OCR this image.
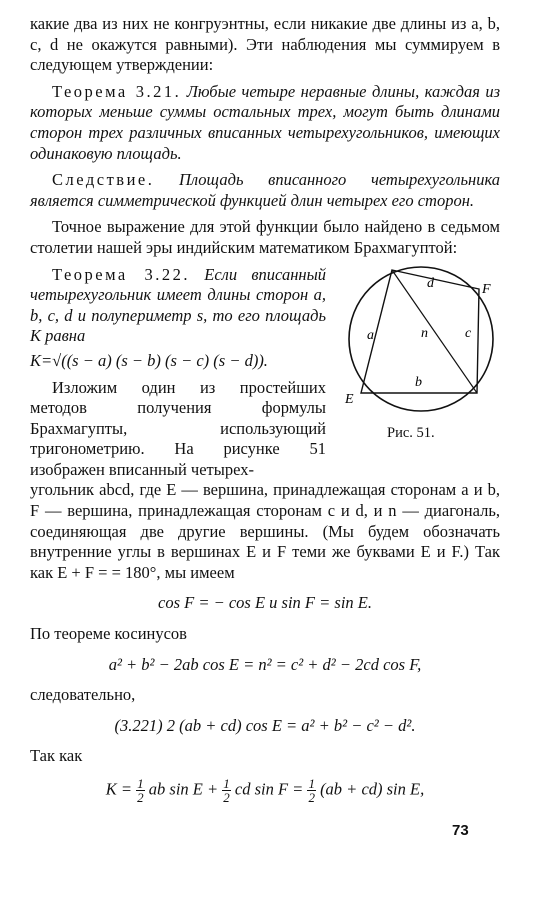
какие два из них не конгруэнтны, если никакие две длины из a, b, c, d не окажутся равными). Эти наблюдения мы суммируем в следующем утверждении:

Теорема 3.21. Любые четыре неравные длины, каждая из которых меньше суммы остальных трех, могут быть длинами сторон трех различных вписанных четырехугольников, имеющих одинаковую площадь.

Следствие. Площадь вписанного четырехугольника является симметрической функцией длин четырех его сторон.

Точное выражение для этой функции было найдено в седьмом столетии нашей эры индийским математиком Брахмагуптой:

Теорема 3.22. Если вписанный четырехугольник имеет длины сторон a, b, c, d и полупериметр s, то его площадь K равна

K=√((s − a) (s − b) (s − c) (s − d)).

Изложим один из простейших методов получения формулы Брахмагупты, использующий тригонометрию. На рисунке 51 изображен вписанный четырех-

d	F
a	n	c
b
E
Рис. 51.

угольник abcd, где E — вершина, принадлежащая сторонам a и b, F — вершина, принадлежащая сторонам c и d, и n — диагональ, соединяющая две другие вершины. (Мы будем обозначать внутренние углы в вершинах E и F теми же буквами E и F.) Так как E + F = = 180°, мы имеем

cos F = − cos E и sin F = sin E.

По теореме косинусов

a² + b² − 2ab cos E = n² = c² + d² − 2cd cos F,

следовательно,

(3.221) 2 (ab + cd) cos E = a² + b² − c² − d².

Так как

$K = \frac{1}{2}$ ab $\sin E + \frac{1}{2}$ cd $\sin F = \frac{1}{2} (ab + cd)$ sin E,

73
